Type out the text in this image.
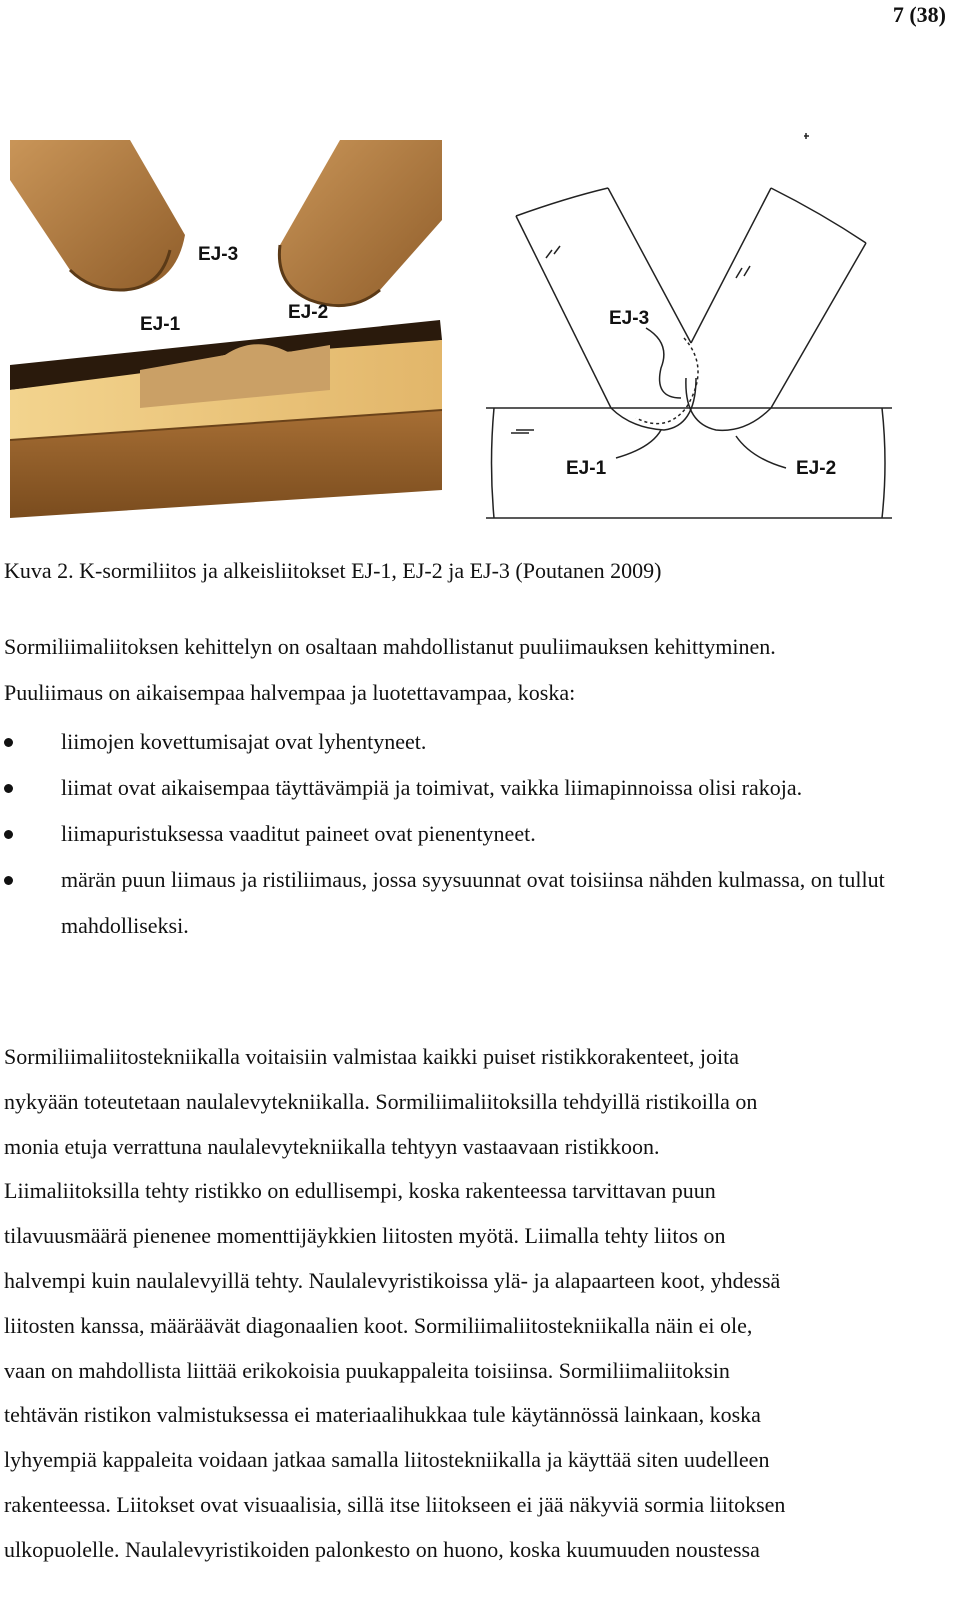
7 (38)
EJ-3
EJ-1
EJ-2	EJ-3
EJ-1	EJ-2
Kuva 2. K-sormiliitos ja alkeisliitokset EJ-1, EJ-2 ja EJ-3 (Poutanen 2009)

Sormiliimaliitoksen kehittelyn on osaltaan mahdollistanut puuliimauksen kehittyminen.
Puuliimaus on aikaisempaa halvempaa ja luotettavampaa, koska:

liimojen kovettumisajat ovat lyhentyneet.
liimat ovat aikaisempaa täyttävämpiä ja toimivat, vaikka liimapinnoissa olisi rakoja.
liimapuristuksessa vaaditut paineet ovat pienentyneet.
märän puun liimaus ja ristiliimaus, jossa syysuunnat ovat toisiinsa nähden kulmassa, on tullut mahdolliseksi.

Sormiliimaliitostekniikalla voitaisiin valmistaa kaikki puiset ristikkorakenteet, joita
nykyään toteutetaan naulalevytekniikalla. Sormiliimaliitoksilla tehdyillä ristikoilla on
monia etuja verrattuna naulalevytekniikalla tehtyyn vastaavaan ristikkoon.
Liimaliitoksilla tehty ristikko on edullisempi, koska rakenteessa tarvittavan puun
tilavuusmäärä pienenee momenttijäykkien liitosten myötä. Liimalla tehty liitos on
halvempi kuin naulalevyillä tehty. Naulalevyristikoissa ylä- ja alapaarteen koot, yhdessä
liitosten kanssa, määräävät diagonaalien koot. Sormiliimaliitostekniikalla näin ei ole,
vaan on mahdollista liittää erikokoisia puukappaleita toisiinsa. Sormiliimaliitoksin
tehtävän ristikon valmistuksessa ei materiaalihukkaa tule käytännössä lainkaan, koska
lyhyempiä kappaleita voidaan jatkaa samalla liitostekniikalla ja käyttää siten uudelleen
rakenteessa. Liitokset ovat visuaalisia, sillä itse liitokseen ei jää näkyviä sormia liitoksen
ulkopuolelle. Naulalevyristikoiden palonkesto on huono, koska kuumuuden noustessa
